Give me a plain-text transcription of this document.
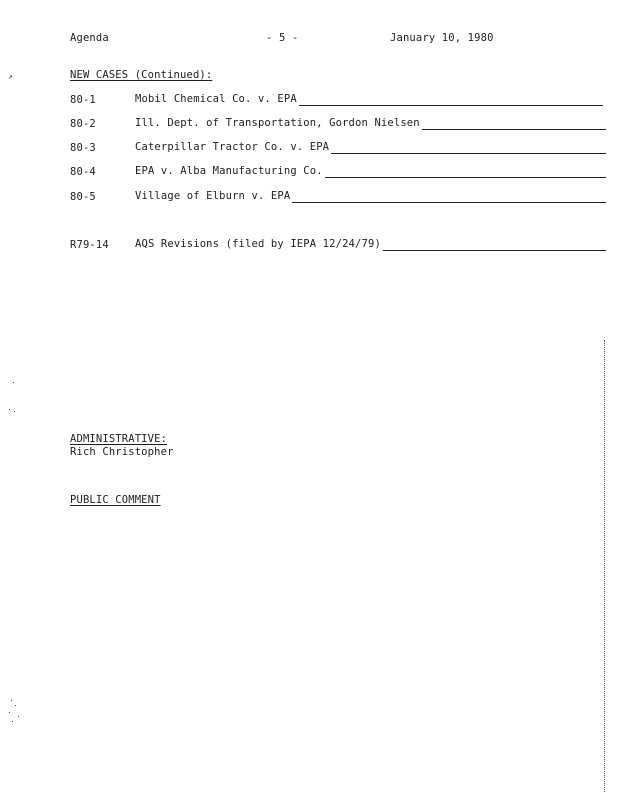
Agenda	- 5 -	January 10, 1980
NEW CASES (Continued):
80-1	Mobil Chemical Co. v. EPA
80-2	Ill. Dept. of Transportation, Gordon Nielsen
80-3	Caterpillar Tractor Co. v. EPA
80-4	EPA v. Alba Manufacturing Co.
80-5	Village of Elburn v. EPA
R79-14 AQS Revisions (filed by IEPA 12/24/79)
ADMINISTRATIVE:
Rich Christopher
PUBLIC COMMENT
↗
